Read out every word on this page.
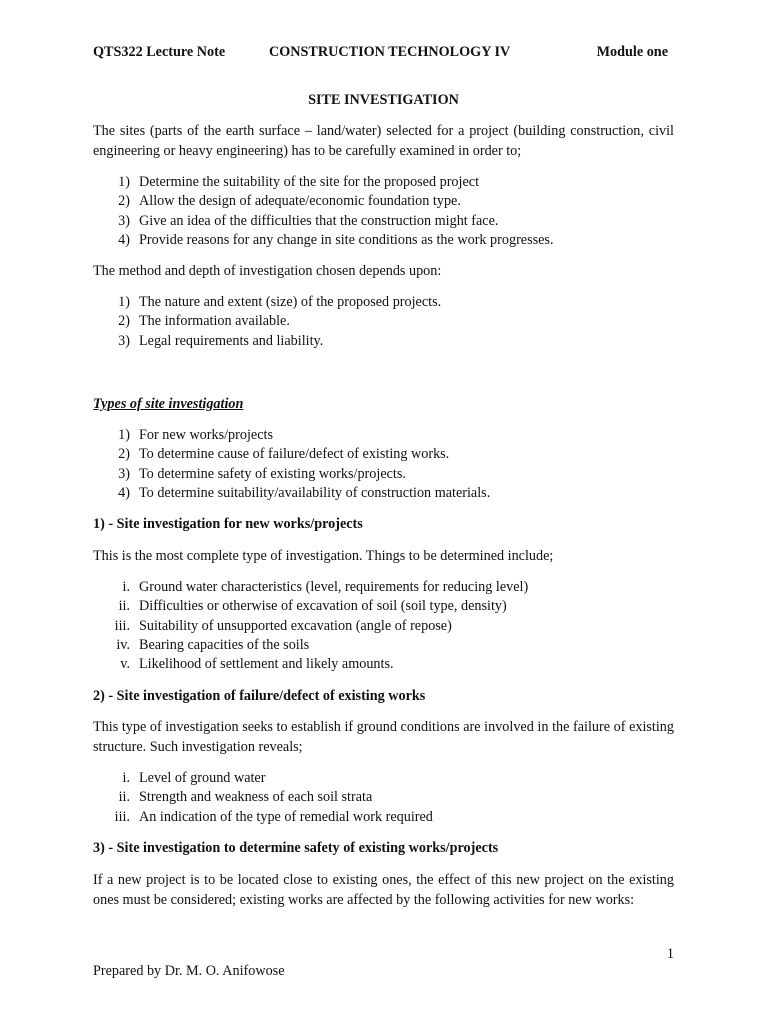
QTS322 Lecture Note	CONSTRUCTION TECHNOLOGY IV	Module one
SITE INVESTIGATION
The sites (parts of the earth surface – land/water) selected for a project (building construction, civil engineering or heavy engineering) has to be carefully examined in order to;
1) Determine the suitability of the site for the proposed project
2) Allow the design of adequate/economic foundation type.
3) Give an idea of the difficulties that the construction might face.
4) Provide reasons for any change in site conditions as the work progresses.
The method and depth of investigation chosen depends upon:
1) The nature and extent (size) of the proposed projects.
2) The information available.
3) Legal requirements and liability.
Types of site investigation
1) For new works/projects
2) To determine cause of failure/defect of existing works.
3) To determine safety of existing works/projects.
4) To determine suitability/availability of construction materials.
1) - Site investigation for new works/projects
This is the most complete type of investigation. Things to be determined include;
i. Ground water characteristics (level, requirements for reducing level)
ii. Difficulties or otherwise of excavation of soil (soil type, density)
iii. Suitability of unsupported excavation (angle of repose)
iv. Bearing capacities of the soils
v. Likelihood of settlement and likely amounts.
2) - Site investigation of failure/defect of existing works
This type of investigation seeks to establish if ground conditions are involved in the failure of existing structure. Such investigation reveals;
i. Level of ground water
ii. Strength and weakness of each soil strata
iii. An indication of the type of remedial work required
3) - Site investigation to determine safety of existing works/projects
If a new project is to be located close to existing ones, the effect of this new project on the existing ones must be considered; existing works are affected by the following activities for new works:
1
Prepared by Dr. M. O. Anifowose
